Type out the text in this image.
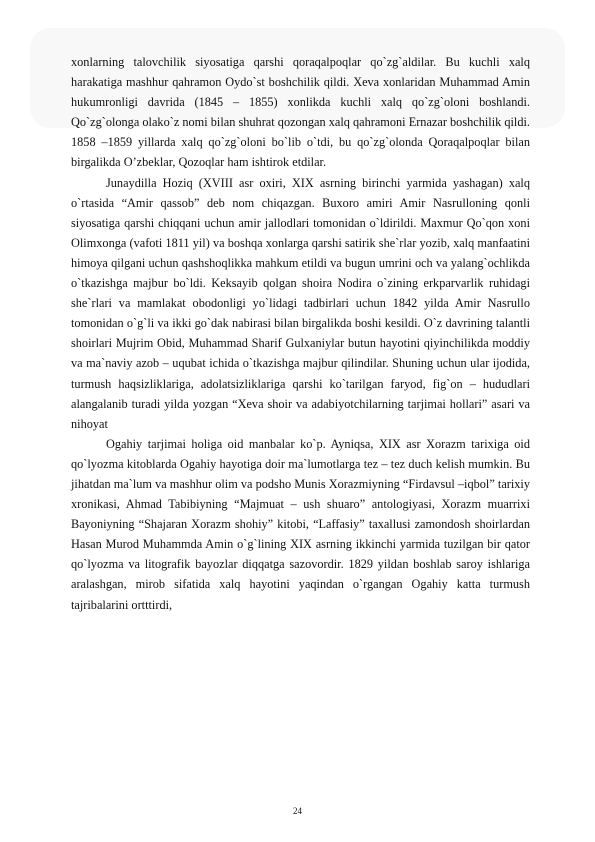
xonlarning talovchilik siyosatiga qarshi qoraqalpoqlar qo`zg`aldilar. Bu kuchli xalq harakatiga mashhur qahramon Oydo`st boshchilik qildi. Xeva xonlaridan Muhammad Amin hukumronligi davrida (1845 – 1855) xonlikda kuchli xalq qo`zg`oloni boshlandi. Qo`zg`olonga olako`z nomi bilan shuhrat qozongan xalq qahramoni Ernazar boshchilik qildi. 1858 –1859 yillarda xalq qo`zg`oloni bo`lib o`tdi, bu qo`zg`olonda Qoraqalpoqlar bilan birgalikda O’zbeklar, Qozoqlar ham ishtirok etdilar.

Junaydilla Hoziq (XVIII asr oxiri, XIX asrning birinchi yarmida yashagan) xalq o`rtasida “Amir qassob” deb nom chiqazgan. Buxoro amiri Amir Nasrulloning qonli siyosatiga qarshi chiqqani uchun amir jallodlari tomonidan o`ldirildi. Maxmur Qo`qon xoni Olimxonga (vafoti 1811 yil) va boshqa xonlarga qarshi satirik she`rlar yozib, xalq manfaatini himoya qilgani uchun qashshoqlikka mahkum etildi va bugun umrini och va yalang`ochlikda o`tkazishga majbur bo`ldi. Keksayib qolgan shoira Nodira o`zining erkparvarlik ruhidagi she`rlari va mamlakat obodonligi yo`lidagi tadbirlari uchun 1842 yilda Amir Nasrullo tomonidan o`g`li va ikki go`dak nabirasi bilan birgalikda boshi kesildi. O`z davrining talantli shoirlari Mujrim Obid, Muhammad Sharif Gulxaniylar butun hayotini qiyinchilikda moddiy va ma`naviy azob – uqubat ichida o`tkazishga majbur qilindilar. Shuning uchun ular ijodida, turmush haqsizliklariga, adolatsizliklariga qarshi ko`tarilgan faryod, fig`on – hududlari alangalanib turadi yilda yozgan “Xeva shoir va adabiyotchilarning tarjimai hollari” asari va nihoyat

Ogahiy tarjimai holiga oid manbalar ko`p. Ayniqsa, XIX asr Xorazm tarixiga oid qo`lyozma kitoblarda Ogahiy hayotiga doir ma`lumotlarga tez – tez duch kelish mumkin. Bu jihatdan ma`lum va mashhur olim va podsho Munis Xorazmiyning “Firdavsul –iqbol” tarixiy xronikasi, Ahmad Tabibiyning “Majmuat – ush shuaro” antologiyasi, Xorazm muarrixi Bayoniyning “Shajaran Xorazm shohiy” kitobi, “Laffasiy” taxallusi zamondosh shoirlardan Hasan Murod Muhammda Amin o`g`lining XIX asrning ikkinchi yarmida tuzilgan bir qator qo`lyozma va litografik bayozlar diqqatga sazovordir. 1829 yildan boshlab saroy ishlariga aralashgan, mirob sifatida xalq hayotini yaqindan o`rgangan Ogahiy katta turmush tajribalarini ortttirdi,

24
